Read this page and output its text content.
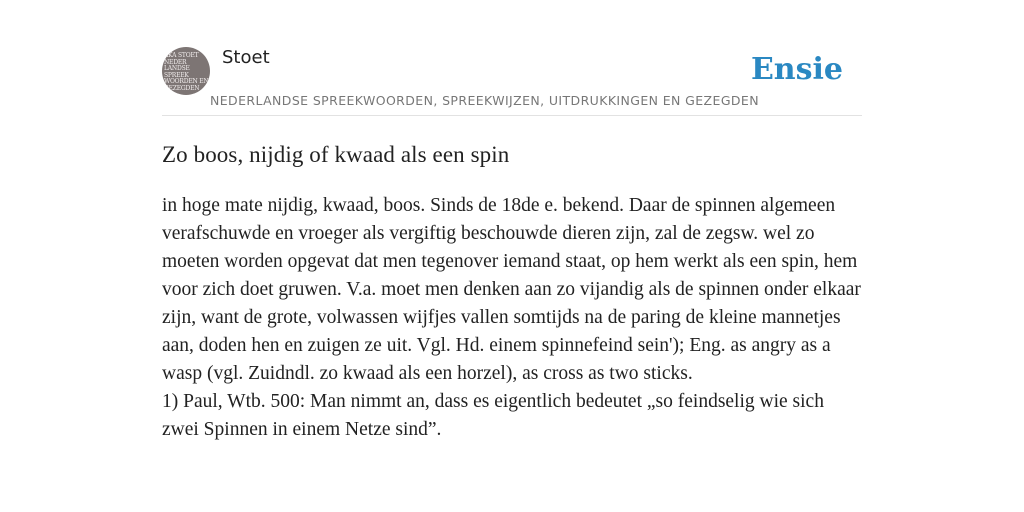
AKA STOET
NEDER
LANDSE
SPREEK
WOORDEN EN
GEZEGDEN
Stoet	Ensie
NEDERLANDSE SPREEKWOORDEN, SPREEKWIJZEN, UITDRUKKINGEN EN GEZEGDEN
Zo boos, nijdig of kwaad als een spin

in hoge mate nijdig, kwaad, boos. Sinds de 18de e. bekend. Daar de spinnen algemeen verafschuwde en vroeger als vergiftig beschouwde dieren zijn, zal de zegsw. wel zo moeten worden opgevat dat men tegenover iemand staat, op hem werkt als een spin, hem voor zich doet gruwen. V.a. moet men denken aan zo vijandig als de spinnen onder elkaar zijn, want de grote, volwassen wijfjes vallen somtijds na de paring de kleine mannetjes aan, doden hen en zuigen ze uit. Vgl. Hd. einem spinnefeind sein'); Eng. as angry as a wasp (vgl. Zuidndl. zo kwaad als een horzel), as cross as two sticks.

1) Paul, Wtb. 500: Man nimmt an, dass es eigentlich bedeutet „so feindselig wie sich zwei Spinnen in einem Netze sind”.
